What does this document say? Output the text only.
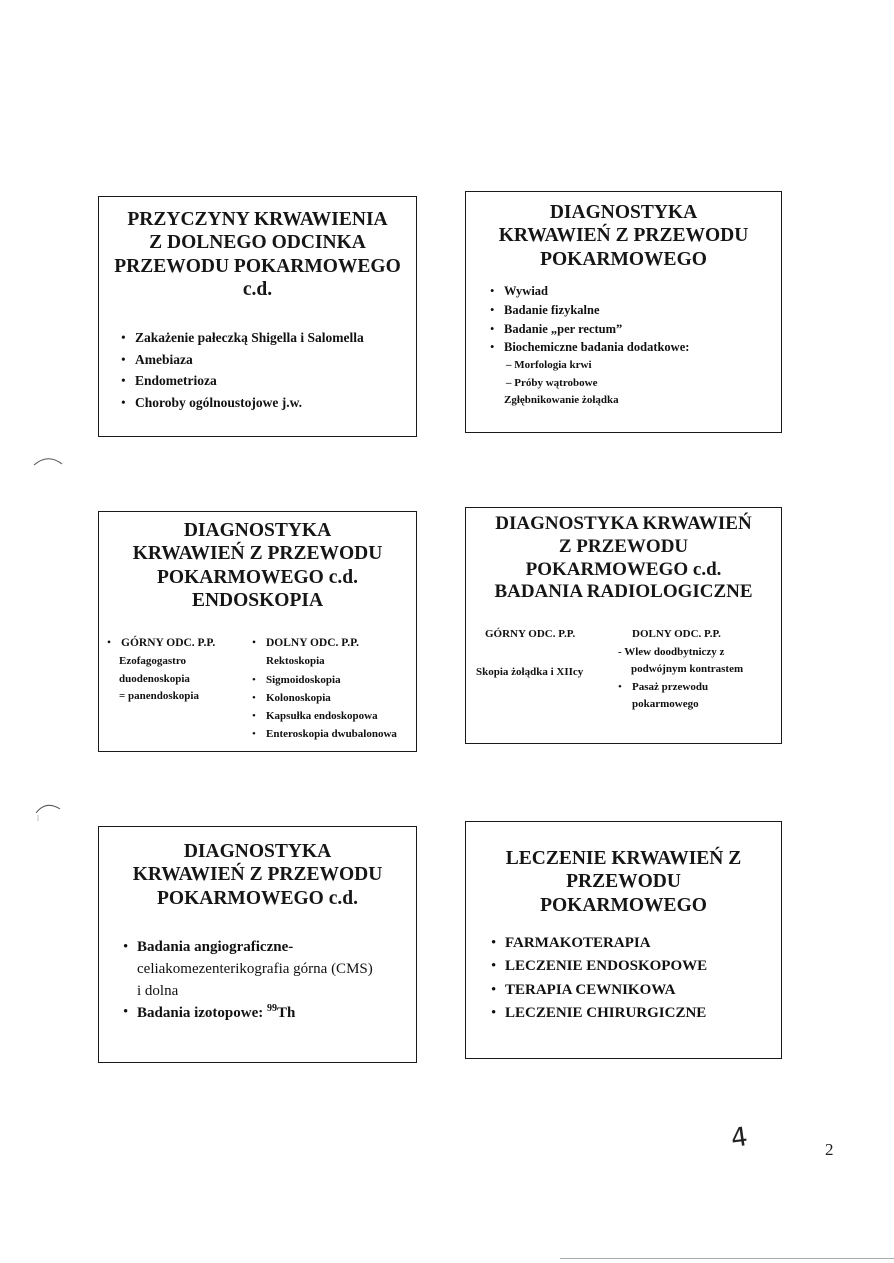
PRZYCZYNY KRWAWIENIA
Z DOLNEGO ODCINKA
PRZEWODU POKARMOWEGO
c.d.
• Zakażenie pałeczką Shigella i Salomella
• Amebiaza
• Endometrioza
• Choroby ogólnoustojowe j.w.
DIAGNOSTYKA
KRWAWIEŃ Z PRZEWODU
POKARMOWEGO
• Wywiad
• Badanie fizykalne
• Badanie „per rectum”
• Biochemiczne badania dodatkowe:
– Morfologia krwi
– Próby wątrobowe
Zgłębnikowanie żołądka
DIAGNOSTYKA
KRWAWIEŃ Z PRZEWODU
POKARMOWEGO c.d.
ENDOSKOPIA
• GÓRNY ODC. P.P.
Ezofagogastro
duodenoskopia
= panendoskopia
• DOLNY ODC. P.P.
Rektoskopia
• Sigmoidoskopia
• Kolonoskopia
• Kapsułka endoskopowa
• Enteroskopia dwubalonowa
DIAGNOSTYKA KRWAWIEŃ
Z PRZEWODU
POKARMOWEGO c.d.
BADANIA RADIOLOGICZNE
GÓRNY ODC. P.P.
Skopia żołądka i XIIcy
DOLNY ODC. P.P.
- Wlew doodbytniczy z
podwójnym kontrastem
• Pasaż przewodu
pokarmowego
DIAGNOSTYKA
KRWAWIEŃ Z PRZEWODU
POKARMOWEGO c.d.
• Badania angiograficzne-
celiakomezenterikografia górna (CMS)
i dolna
• Badania izotopowe: $^{99}$Th
LECZENIE KRWAWIEŃ Z
PRZEWODU
POKARMOWEGO
• FARMAKOTERAPIA
• LECZENIE ENDOSKOPOWE
• TERAPIA CEWNIKOWA
• LECZENIE CHIRURGICZNE
4	2
